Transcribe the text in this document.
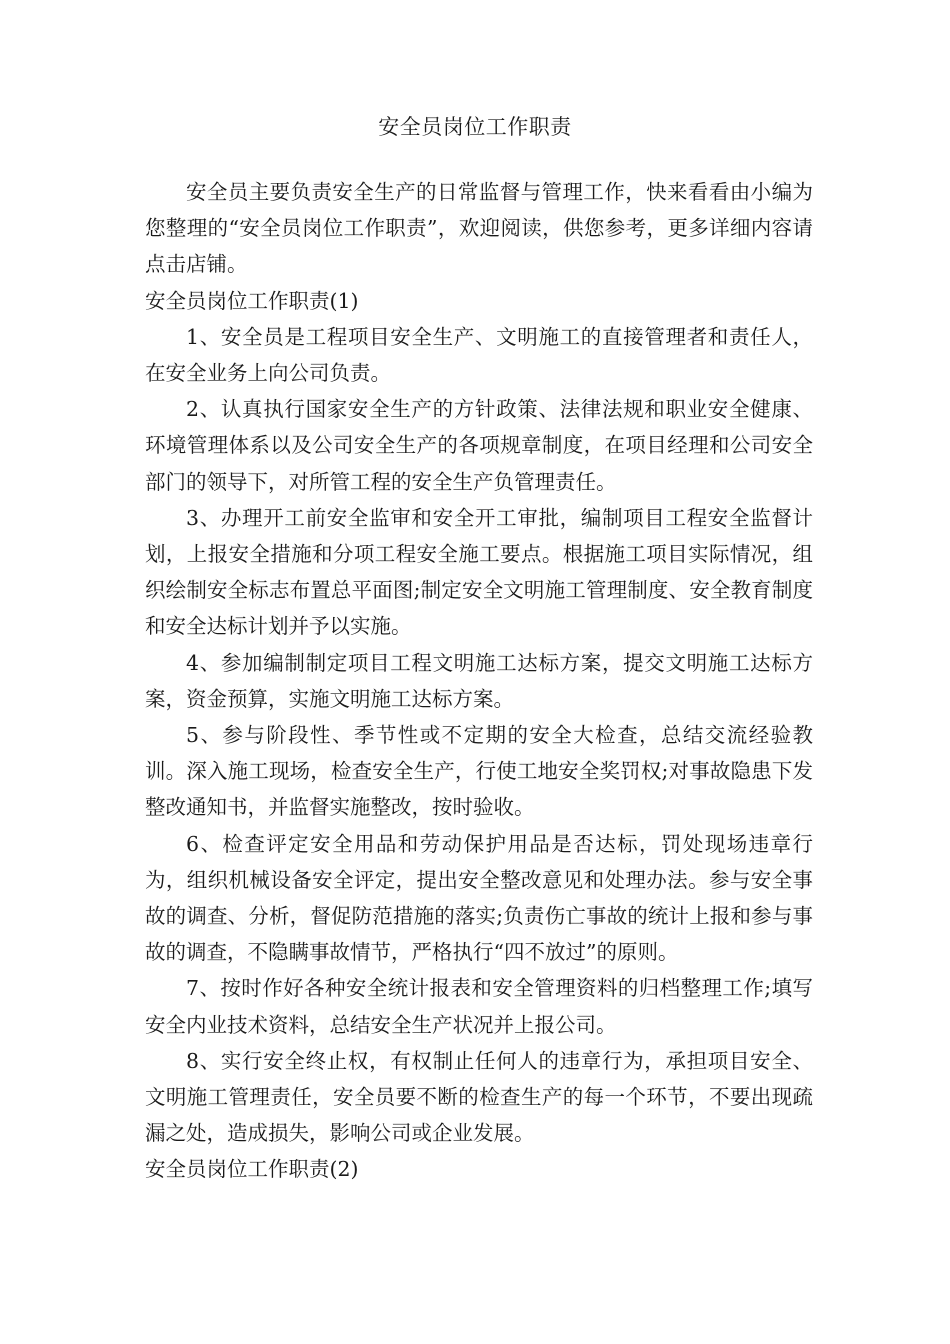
安全员岗位工作职责

安全员主要负责安全生产的日常监督与管理工作，快来看看由小编为您整理的“安全员岗位工作职责”，欢迎阅读，供您参考，更多详细内容请点击店铺。

安全员岗位工作职责(1)

1、安全员是工程项目安全生产、文明施工的直接管理者和责任人，在安全业务上向公司负责。

2、认真执行国家安全生产的方针政策、法律法规和职业安全健康、环境管理体系以及公司安全生产的各项规章制度，在项目经理和公司安全部门的领导下，对所管工程的安全生产负管理责任。

3、办理开工前安全监审和安全开工审批，编制项目工程安全监督计划，上报安全措施和分项工程安全施工要点。根据施工项目实际情况，组织绘制安全标志布置总平面图;制定安全文明施工管理制度、安全教育制度和安全达标计划并予以实施。

4、参加编制制定项目工程文明施工达标方案，提交文明施工达标方案，资金预算，实施文明施工达标方案。

5、参与阶段性、季节性或不定期的安全大检查，总结交流经验教训。深入施工现场，检查安全生产，行使工地安全奖罚权;对事故隐患下发整改通知书，并监督实施整改，按时验收。

6、检查评定安全用品和劳动保护用品是否达标，罚处现场违章行为，组织机械设备安全评定，提出安全整改意见和处理办法。参与安全事故的调查、分析，督促防范措施的落实;负责伤亡事故的统计上报和参与事故的调查，不隐瞒事故情节，严格执行“四不放过”的原则。

7、按时作好各种安全统计报表和安全管理资料的归档整理工作;填写安全内业技术资料，总结安全生产状况并上报公司。

8、实行安全终止权，有权制止任何人的违章行为，承担项目安全、文明施工管理责任，安全员要不断的检查生产的每一个环节，不要出现疏漏之处，造成损失，影响公司或企业发展。

安全员岗位工作职责(2)
